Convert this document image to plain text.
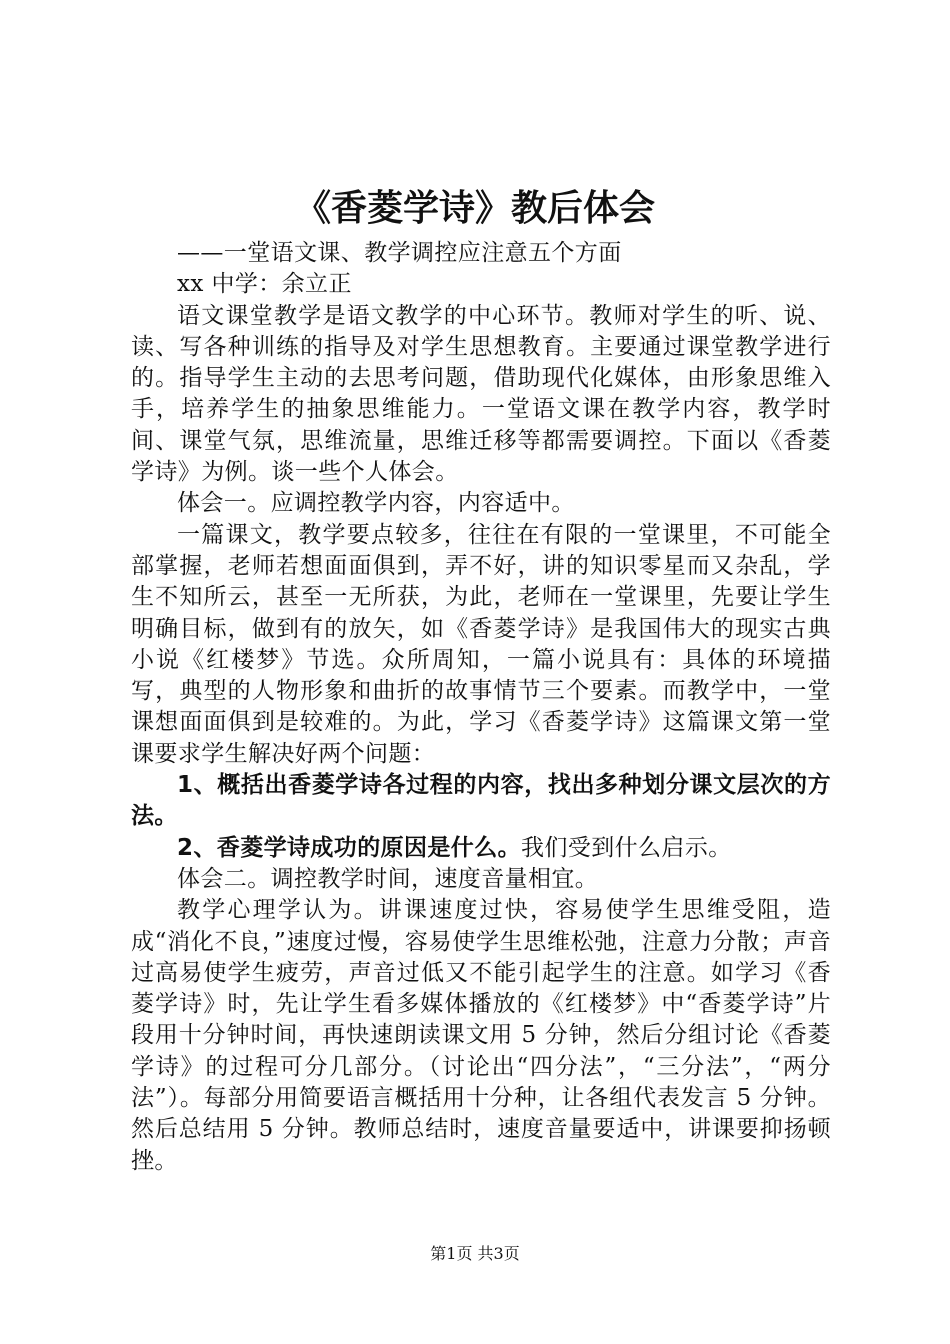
《香菱学诗》教后体会

——一堂语文课、教学调控应注意五个方面

xx 中学：余立正

语文课堂教学是语文教学的中心环节。教师对学生的听、说、读、写各种训练的指导及对学生思想教育。主要通过课堂教学进行的。指导学生主动的去思考问题，借助现代化媒体，由形象思维入手，培养学生的抽象思维能力。一堂语文课在教学内容，教学时间、课堂气氛，思维流量，思维迁移等都需要调控。下面以《香菱学诗》为例。谈一些个人体会。

体会一。应调控教学内容，内容适中。

一篇课文，教学要点较多，往往在有限的一堂课里，不可能全部掌握，老师若想面面俱到，弄不好，讲的知识零星而又杂乱，学生不知所云，甚至一无所获，为此，老师在一堂课里，先要让学生明确目标，做到有的放矢，如《香菱学诗》是我国伟大的现实古典小说《红楼梦》节选。众所周知，一篇小说具有：具体的环境描写，典型的人物形象和曲折的故事情节三个要素。而教学中，一堂课想面面俱到是较难的。为此，学习《香菱学诗》这篇课文第一堂课要求学生解决好两个问题：

1、概括出香菱学诗各过程的内容，找出多种划分课文层次的方法。

2、香菱学诗成功的原因是什么。我们受到什么启示。

体会二。调控教学时间，速度音量相宜。

教学心理学认为。讲课速度过快，容易使学生思维受阻，造成“消化不良，”速度过慢，容易使学生思维松弛，注意力分散；声音过高易使学生疲劳，声音过低又不能引起学生的注意。如学习《香菱学诗》时，先让学生看多媒体播放的《红楼梦》中“香菱学诗”片段用十分钟时间，再快速朗读课文用 5 分钟，然后分组讨论《香菱学诗》的过程可分几部分。（讨论出“四分法”，“三分法”，“两分法”）。每部分用简要语言概括用十分种，让各组代表发言 5 分钟。然后总结用 5 分钟。教师总结时，速度音量要适中，讲课要抑扬顿挫。

第1页 共3页
